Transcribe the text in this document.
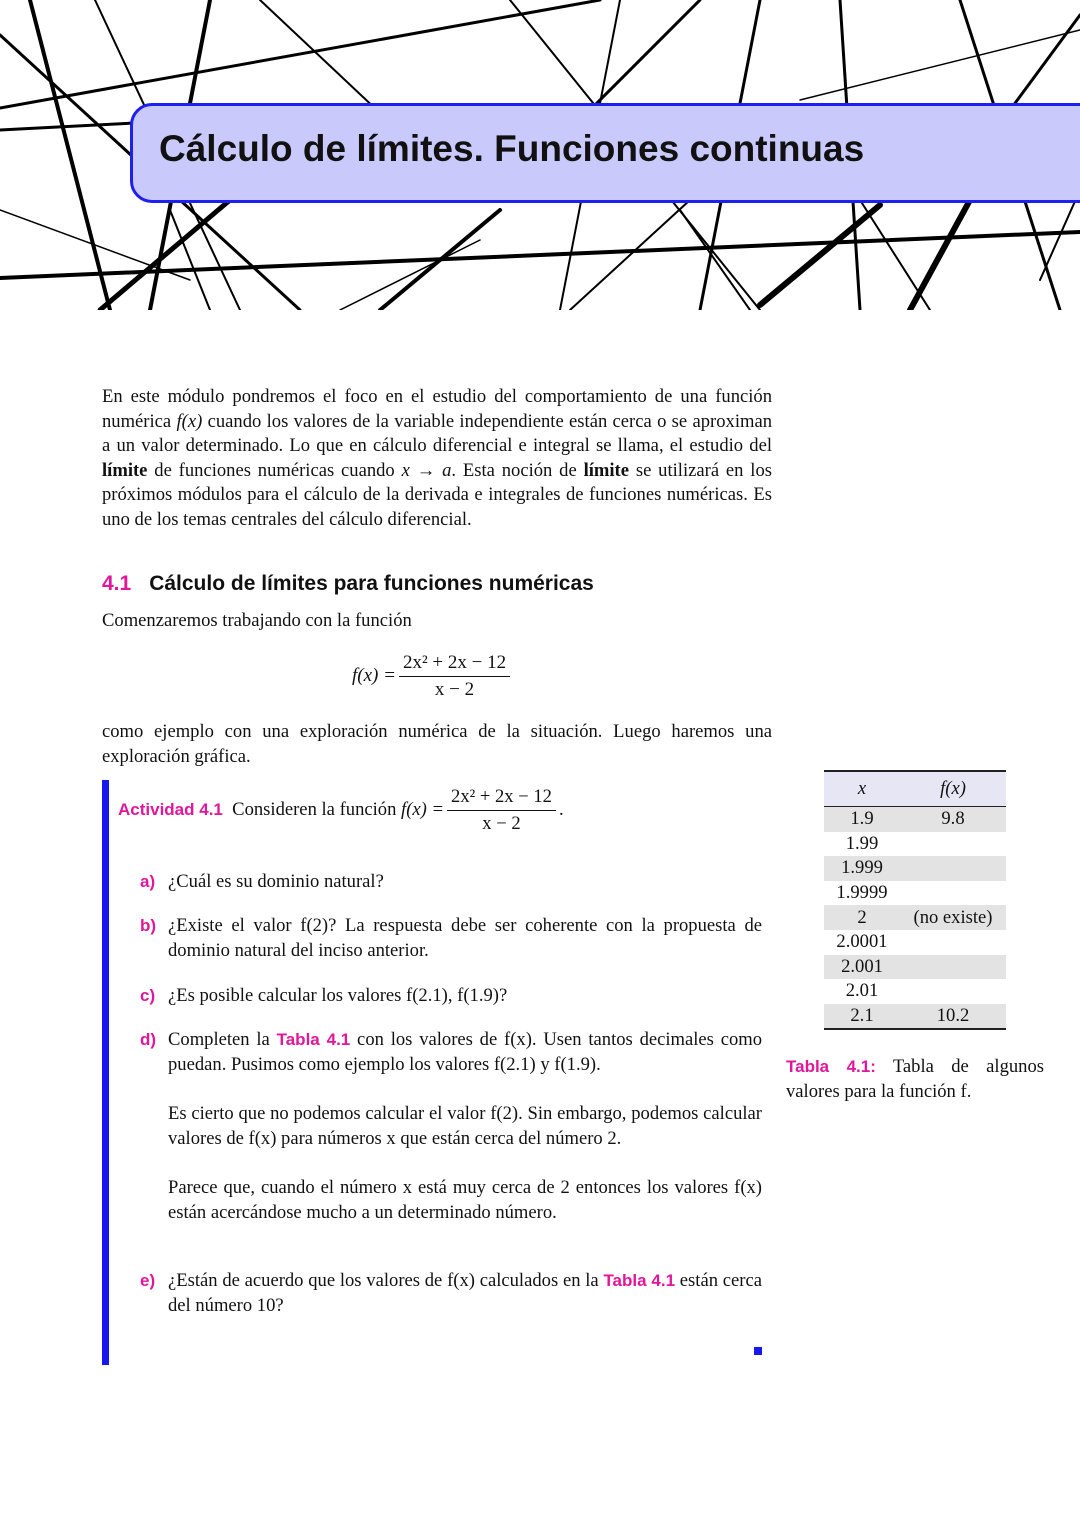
Cálculo de límites. Funciones continuas
En este módulo pondremos el foco en el estudio del comportamiento de una función numérica f(x) cuando los valores de la variable independiente están cerca o se aproximan a un valor determinado. Lo que en cálculo diferencial e integral se llama, el estudio del límite de funciones numéricas cuando x → a. Esta noción de límite se utilizará en los próximos módulos para el cálculo de la derivada e integrales de funciones numéricas. Es uno de los temas centrales del cálculo diferencial.
4.1 Cálculo de límites para funciones numéricas
Comenzaremos trabajando con la función
$f(x) = \frac{\text{2x² + 2x − 12}}{x - 2}$
como ejemplo con una exploración numérica de la situación. Luego haremos una exploración gráfica.
Actividad 4.1 Consideren la función $f(x) = \frac{\text{2x² + 2x − 12}}{x - 2}$ .
a) ¿Cuál es su dominio natural?
b) ¿Existe el valor f(2)? La respuesta debe ser coherente con la propuesta de dominio natural del inciso anterior.
c) ¿Es posible calcular los valores f(2.1), f(1.9)?
d) Completen la Tabla 4.1 con los valores de f(x). Usen tantos decimales como puedan. Pusimos como ejemplo los valores f(2.1) y f(1.9).
Es cierto que no podemos calcular el valor f(2). Sin embargo, podemos calcular valores de f(x) para números x que están cerca del número 2.
Parece que, cuando el número x está muy cerca de 2 entonces los valores f(x) están acercándose mucho a un determinado número.
e) ¿Están de acuerdo que los valores de f(x) calculados en la Tabla 4.1 están cerca del número 10?
x	f(x)
1.9	9.8
1.99	
1.999	
1.9999	
2	(no existe)
2.0001	
2.001	
2.01	
2.1	10.2
Tabla 4.1: Tabla de algunos valores para la función f.
